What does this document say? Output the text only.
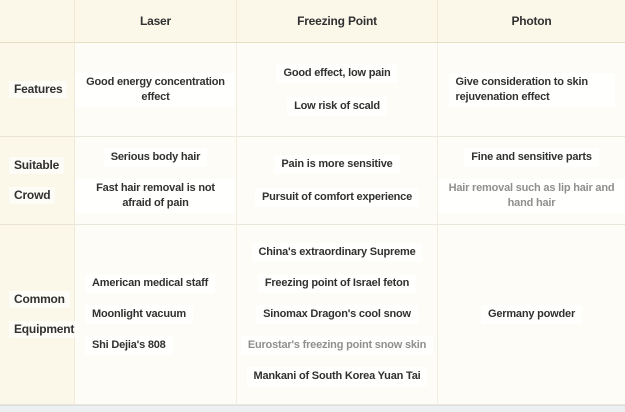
Laser	Freezing Point	Photon
Features
Good energy concentration effect
Good effect, low pain
Low risk of scald
Give consideration to skin rejuvenation effect
Suitable
Crowd
Serious body hair
Fast hair removal is not afraid of pain
Pain is more sensitive
Pursuit of comfort experience
Fine and sensitive parts
Hair removal such as lip hair and hand hair
Common
Equipment
American medical staff
Moonlight vacuum
Shi Dejia's 808
China's extraordinary Supreme
Freezing point of Israel feton
Sinomax Dragon's cool snow
Eurostar's freezing point snow skin
Mankani of South Korea Yuan Tai
Germany powder
